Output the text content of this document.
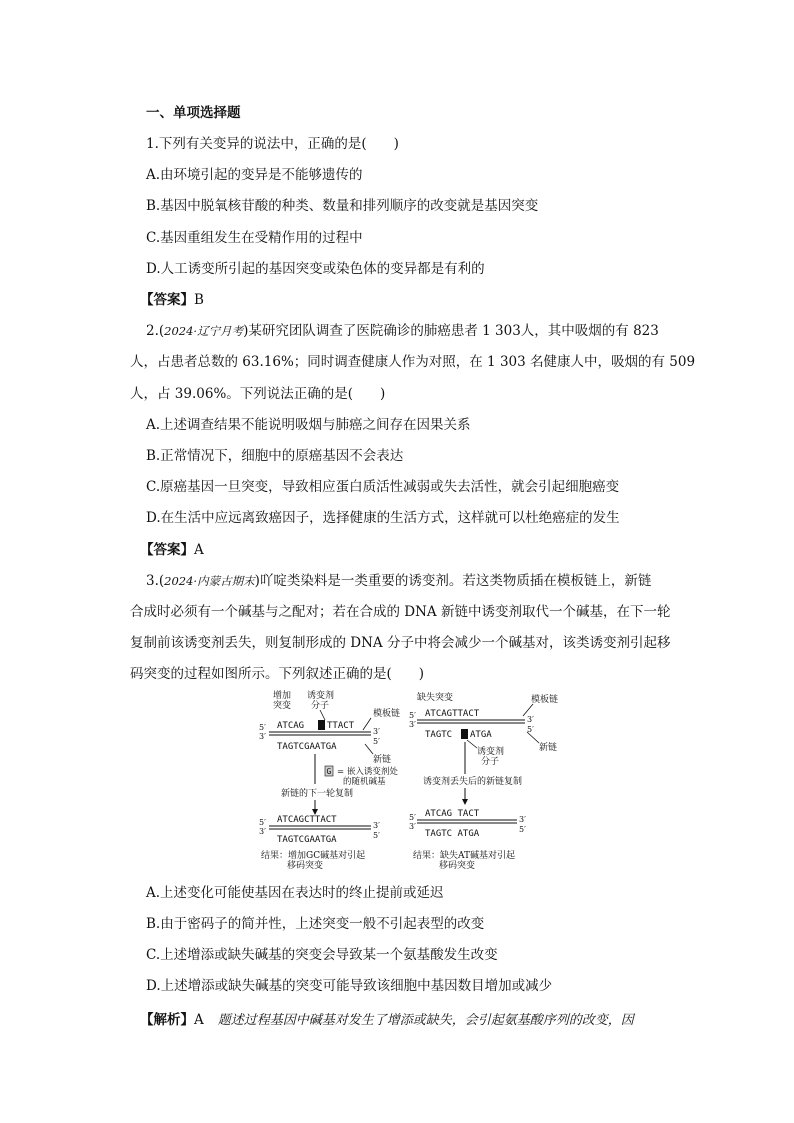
一、单项选择题
1.下列有关变异的说法中，正确的是(　　)
A.由环境引起的变异是不能够遗传的
B.基因中脱氧核苷酸的种类、数量和排列顺序的改变就是基因突变
C.基因重组发生在受精作用的过程中
D.人工诱变所引起的基因突变或染色体的变异都是有利的
【答案】B
2.(2024·辽宁月考)某研究团队调查了医院确诊的肺癌患者 1 303人，其中吸烟的有 823
人，占患者总数的 63.16%；同时调查健康人作为对照，在 1 303 名健康人中，吸烟的有 509
人，占 39.06%。下列说法正确的是(　　)
A.上述调查结果不能说明吸烟与肺癌之间存在因果关系
B.正常情况下，细胞中的原癌基因不会表达
C.原癌基因一旦突变，导致相应蛋白质活性减弱或失去活性，就会引起细胞癌变
D.在生活中应远离致癌因子，选择健康的生活方式，这样就可以杜绝癌症的发生
【答案】A
3.(2024·内蒙古期末)吖啶类染料是一类重要的诱变剂。若这类物质插在模板链上，新链
合成时必须有一个碱基与之配对；若在合成的 DNA 新链中诱变剂取代一个碱基，在下一轮
复制前该诱变剂丢失，则复制形成的 DNA 分子中将会减少一个碱基对，该类诱变剂引起移
码突变的过程如图所示。下列叙述正确的是(　　)
增加
突变
诱变剂
分子
5′
3′
ATCAG	TTACT
TAGTCGAATGA
3′
5′
模板链
新链
G = 嵌入诱变剂处
的随机碱基
新链的下一轮复制
5′
3′
ATCAGCTTACT
TAGTCGAATGA
3′
5′
结果：增加GC碱基对引起
移码突变
缺失突变	模板链
5′
3′
ATCAGTTACT
TAGTC ATGA
3′
5′
新链
诱变剂
分子
诱变剂丢失后的新链复制
5′
3′
ATCAG TACT
TAGTC ATGA
3′
5′
结果：缺失AT碱基对引起
移码突变
A.上述变化可能使基因在表达时的终止提前或延迟
B.由于密码子的简并性，上述突变一般不引起表型的改变
C.上述增添或缺失碱基的突变会导致某一个氨基酸发生改变
D.上述增添或缺失碱基的突变可能导致该细胞中基因数目增加或减少
【解析】A 题述过程基因中碱基对发生了增添或缺失，会引起氨基酸序列的改变，因
